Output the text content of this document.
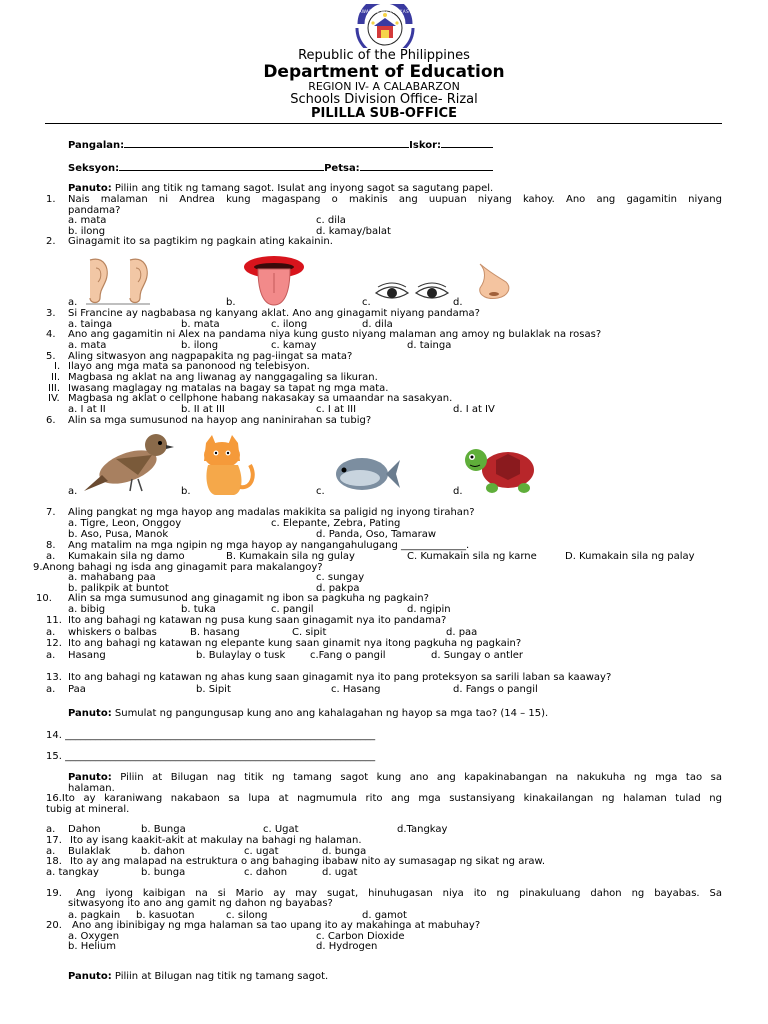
KAGAWARAN NG EDUKASYON
Republic of the Philippines
Department of Education
REGION IV- A CALABARZON
Schools Division Office- Rizal
PILILLA SUB-OFFICE
Pangalan:	Iskor:
Seksyon:	Petsa:
Panuto: Piliin ang titik ng tamang sagot. Isulat ang inyong sagot sa sagutang papel.
1. Nais malaman ni Andrea kung magaspang o makinis ang uupuan niyang kahoy. Ano ang gagamitin niyang
pandama?
a. mata	c. dila
b. ilong	d. kamay/balat
2. Ginagamit ito sa pagtikim ng pagkain ating kakainin.
a.	b.	c.	d.
3. Si Francine ay nagbabasa ng kanyang aklat. Ano ang ginagamit niyang pandama?
a. tainga	b. mata	c. ilong	d. dila
4. Ano ang gagamitin ni Alex na pandama niya kung gusto niyang malaman ang amoy ng bulaklak na rosas?
a. mata	b. ilong	c. kamay	d. tainga
5. Aling sitwasyon ang nagpapakita ng pag-iingat sa mata?
I. Ilayo ang mga mata sa panonood ng telebisyon.
II. Magbasa ng aklat na ang liwanag ay nanggagaling sa likuran.
III. Iwasang maglagay ng matalas na bagay sa tapat ng mga mata.
IV. Magbasa ng aklat o cellphone habang nakasakay sa umaandar na sasakyan.
a. I at II	b. II at III	c. I at III	d. I at IV
6. Alin sa mga sumusunod na hayop ang naninirahan sa tubig?
a.	b.	c.	d.
7. Aling pangkat ng mga hayop ang madalas makikita sa paligid ng inyong tirahan?
a. Tigre, Leon, Onggoy	c. Elepante, Zebra, Pating
b. Aso, Pusa, Manok	d. Panda, Oso, Tamaraw
8. Ang matalim na mga ngipin ng mga hayop ay nangangahulugang _____________.
a. Kumakain sila ng damo	B. Kumakain sila ng gulay	C. Kumakain sila ng karne	D. Kumakain sila ng palay
9.Anong bahagi ng isda ang ginagamit para makalangoy?
a. mahabang paa	c. sungay
b. palikpik at buntot	d. pakpa
10. Alin sa mga sumusunod ang ginagamit ng ibon sa pagkuha ng pagkain?
a. bibig	b. tuka	c. pangil	d. ngipin
11. Ito ang bahagi ng katawan ng pusa kung saan ginagamit nya ito pandama?
a. whiskers o balbas	B. hasang	C. sipit	d. paa
12. Ito ang bahagi ng katawan ng elepante kung saan ginamit nya itong pagkuha ng pagkain?
a. Hasang	b. Bulaylay o tusk c.Fang o pangil	d. Sungay o antler
13. Ito ang bahagi ng katawan ng ahas kung saan ginagamit nya ito pang proteksyon sa sarili laban sa kaaway?
a. Paa	b. Sipit	c. Hasang	d. Fangs o pangil
Panuto: Sumulat ng pangungusap kung ano ang kahalagahan ng hayop sa mga tao? (14 – 15).
14. ______________________________________________________________
15. ______________________________________________________________
Panuto: Piliin at Bilugan nag titik ng tamang sagot kung ano ang kapakinabangan na nakukuha ng mga tao sa
halaman.
16.Ito ay karaniwang nakabaon sa lupa at nagmumula rito ang mga sustansiyang kinakailangan ng halaman tulad ng
tubig at mineral.
a. Dahon	b. Bunga	c. Ugat	d.Tangkay
17. Ito ay isang kaakit-akit at makulay na bahagi ng halaman.
a. Bulaklak	b. dahon	c. ugat	d. bunga
18. Ito ay ang malapad na estruktura o ang bahaging ibabaw nito ay sumasagap ng sikat ng araw.
a. tangkay	b. bunga	c. dahon	d. ugat
19. Ang iyong kaibigan na si Mario ay may sugat, hinuhugasan niya ito ng pinakuluang dahon ng bayabas. Sa
sitwasyong ito ano ang gamit ng dahon ng bayabas?
a. pagkain b. kasuotan	c. silong	d. gamot
20. Ano ang ibinibigay ng mga halaman sa tao upang ito ay makahinga at mabuhay?
a. Oxygen	c. Carbon Dioxide
b. Helium	d. Hydrogen
Panuto: Piliin at Bilugan nag titik ng tamang sagot.
